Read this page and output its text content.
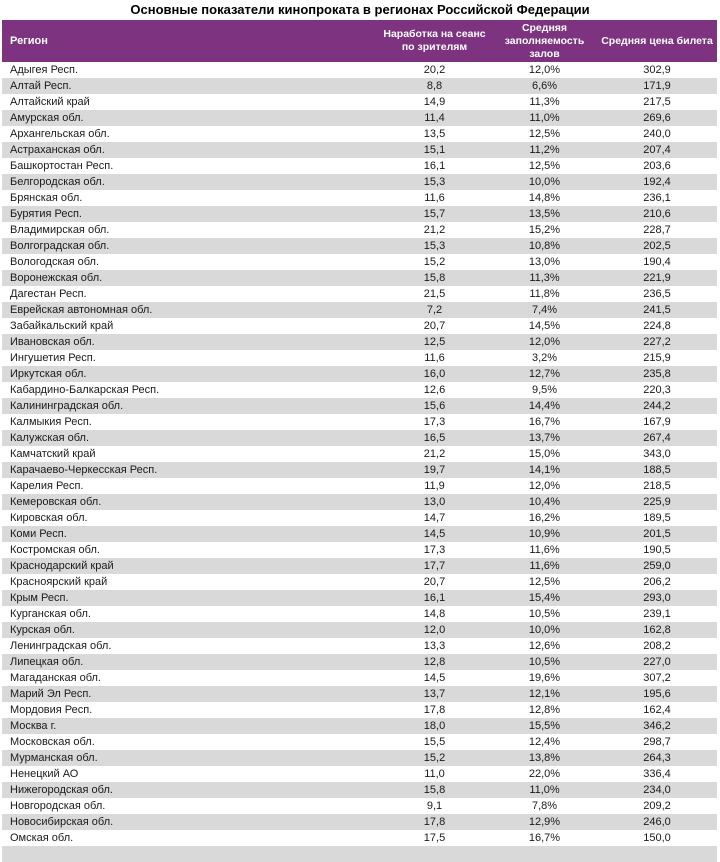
Основные показатели кинопроката в регионах Российской Федерации
Регион	Наработка на сеанс по зрителям	Средняя заполняемость залов	Средняя цена билета
Адыгея Респ.	20,2	12,0%	302,9
Алтай Респ.	8,8	6,6%	171,9
Алтайский край	14,9	11,3%	217,5
Амурская обл.	11,4	11,0%	269,6
Архангельская обл.	13,5	12,5%	240,0
Астраханская обл.	15,1	11,2%	207,4
Башкортостан Респ.	16,1	12,5%	203,6
Белгородская обл.	15,3	10,0%	192,4
Брянская обл.	11,6	14,8%	236,1
Бурятия Респ.	15,7	13,5%	210,6
Владимирская обл.	21,2	15,2%	228,7
Волгоградская обл.	15,3	10,8%	202,5
Вологодская обл.	15,2	13,0%	190,4
Воронежская обл.	15,8	11,3%	221,9
Дагестан Респ.	21,5	11,8%	236,5
Еврейская автономная обл.	7,2	7,4%	241,5
Забайкальский край	20,7	14,5%	224,8
Ивановская обл.	12,5	12,0%	227,2
Ингушетия Респ.	11,6	3,2%	215,9
Иркутская обл.	16,0	12,7%	235,8
Кабардино-Балкарская Респ.	12,6	9,5%	220,3
Калининградская обл.	15,6	14,4%	244,2
Калмыкия Респ.	17,3	16,7%	167,9
Калужская обл.	16,5	13,7%	267,4
Камчатский край	21,2	15,0%	343,0
Карачаево-Черкесская Респ.	19,7	14,1%	188,5
Карелия Респ.	11,9	12,0%	218,5
Кемеровская обл.	13,0	10,4%	225,9
Кировская обл.	14,7	16,2%	189,5
Коми Респ.	14,5	10,9%	201,5
Костромская обл.	17,3	11,6%	190,5
Краснодарский край	17,7	11,6%	259,0
Красноярский край	20,7	12,5%	206,2
Крым Респ.	16,1	15,4%	293,0
Курганская обл.	14,8	10,5%	239,1
Курская обл.	12,0	10,0%	162,8
Ленинградская обл.	13,3	12,6%	208,2
Липецкая обл.	12,8	10,5%	227,0
Магаданская обл.	14,5	19,6%	307,2
Марий Эл Респ.	13,7	12,1%	195,6
Мордовия Респ.	17,8	12,8%	162,4
Москва г.	18,0	15,5%	346,2
Московская обл.	15,5	12,4%	298,7
Мурманская обл.	15,2	13,8%	264,3
Ненецкий АО	11,0	22,0%	336,4
Нижегородская обл.	15,8	11,0%	234,0
Новгородская обл.	9,1	7,8%	209,2
Новосибирская обл.	17,8	12,9%	246,0
Омская обл.	17,5	16,7%	150,0
